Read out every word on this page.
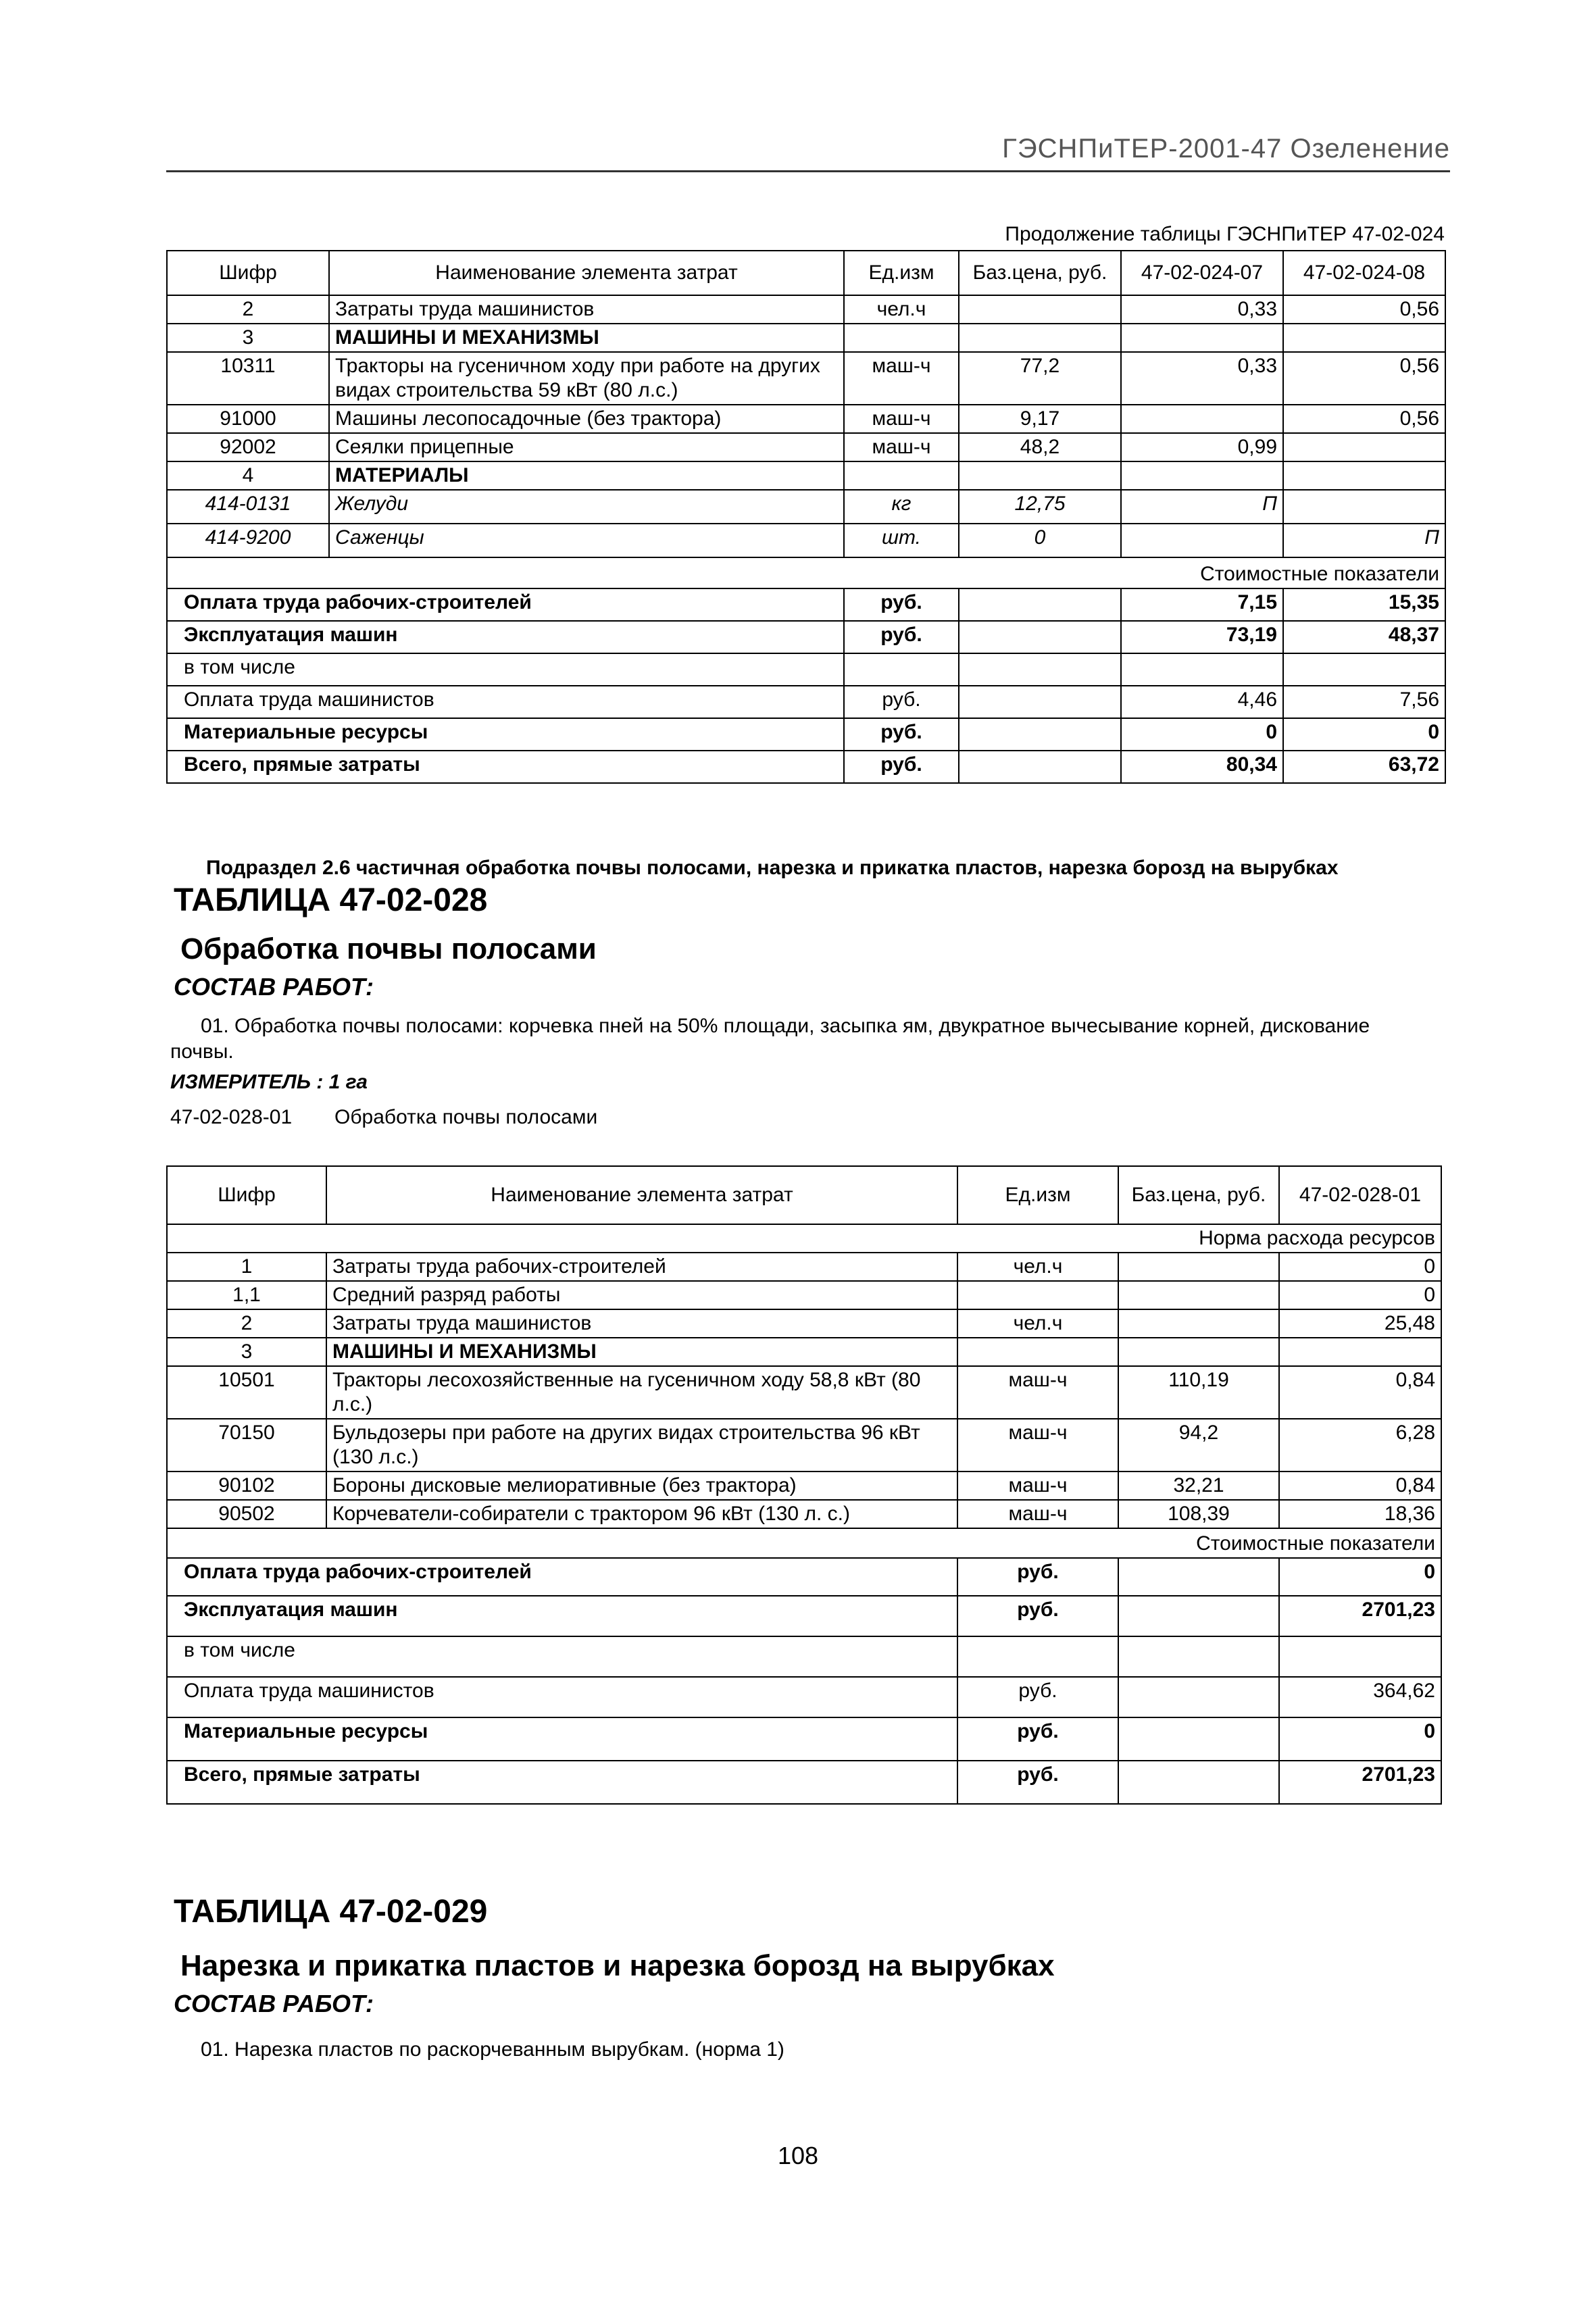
ГЭСНПиТЕР-2001-47 Озеленение
Продолжение таблицы ГЭСНПиТЕР 47-02-024
Шифр	Наименование элемента затрат	Ед.изм	Баз.цена, руб.	47-02-024-07	47-02-024-08
2	Затраты труда машинистов	чел.ч		0,33	0,56
3	МАШИНЫ И МЕХАНИЗМЫ				
10311	Тракторы на гусеничном ходу при работе на других видах строительства 59 кВт (80 л.с.)	маш-ч	77,2	0,33	0,56
91000	Машины лесопосадочные (без трактора)	маш-ч	9,17		0,56
92002	Сеялки прицепные	маш-ч	48,2	0,99	
4	МАТЕРИАЛЫ				
414-0131	Желуди	кг	12,75	П	
414-9200	Саженцы	шт.	0		П
Стоимостные показатели					
Оплата труда рабочих-строителей		руб.		7,15	15,35
Эксплуатация машин		руб.		73,19	48,37
в том числе					
Оплата труда машинистов		руб.		4,46	7,56
Материальные ресурсы		руб.		0	0
Всего, прямые затраты		руб.		80,34	63,72
Подраздел 2.6 частичная обработка почвы полосами, нарезка и прикатка пластов, нарезка борозд на вырубках
ТАБЛИЦА 47-02-028
Обработка почвы полосами
СОСТАВ РАБОТ:
01. Обработка почвы полосами: корчевка пней на 50% площади, засыпка ям, двукратное вычесывание корней, дискование
почвы.
ИЗМЕРИТЕЛЬ : 1 га
47-02-028-01 Обработка почвы полосами
Шифр	Наименование элемента затрат	Ед.изм	Баз.цена, руб.	47-02-028-01
Норма расхода ресурсов				
1	Затраты труда рабочих-строителей	чел.ч		0
1,1	Средний разряд работы			0
2	Затраты труда машинистов	чел.ч		25,48
3	МАШИНЫ И МЕХАНИЗМЫ			
10501	Тракторы лесохозяйственные на гусеничном ходу 58,8 кВт (80 л.с.)	маш-ч	110,19	0,84
70150	Бульдозеры при работе на других видах строительства 96 кВт (130 л.с.)	маш-ч	94,2	6,28
90102	Бороны дисковые мелиоративные (без трактора)	маш-ч	32,21	0,84
90502	Корчеватели-собиратели с трактором 96 кВт (130 л. с.)	маш-ч	108,39	18,36
Стоимостные показатели				
Оплата труда рабочих-строителей		руб.		0
Эксплуатация машин		руб.		2701,23
в том числе				
Оплата труда машинистов		руб.		364,62
Материальные ресурсы		руб.		0
Всего, прямые затраты		руб.		2701,23
ТАБЛИЦА 47-02-029
Нарезка и прикатка пластов и нарезка борозд на вырубках
СОСТАВ РАБОТ:
01. Нарезка пластов по раскорчеванным вырубкам. (норма 1)
108
